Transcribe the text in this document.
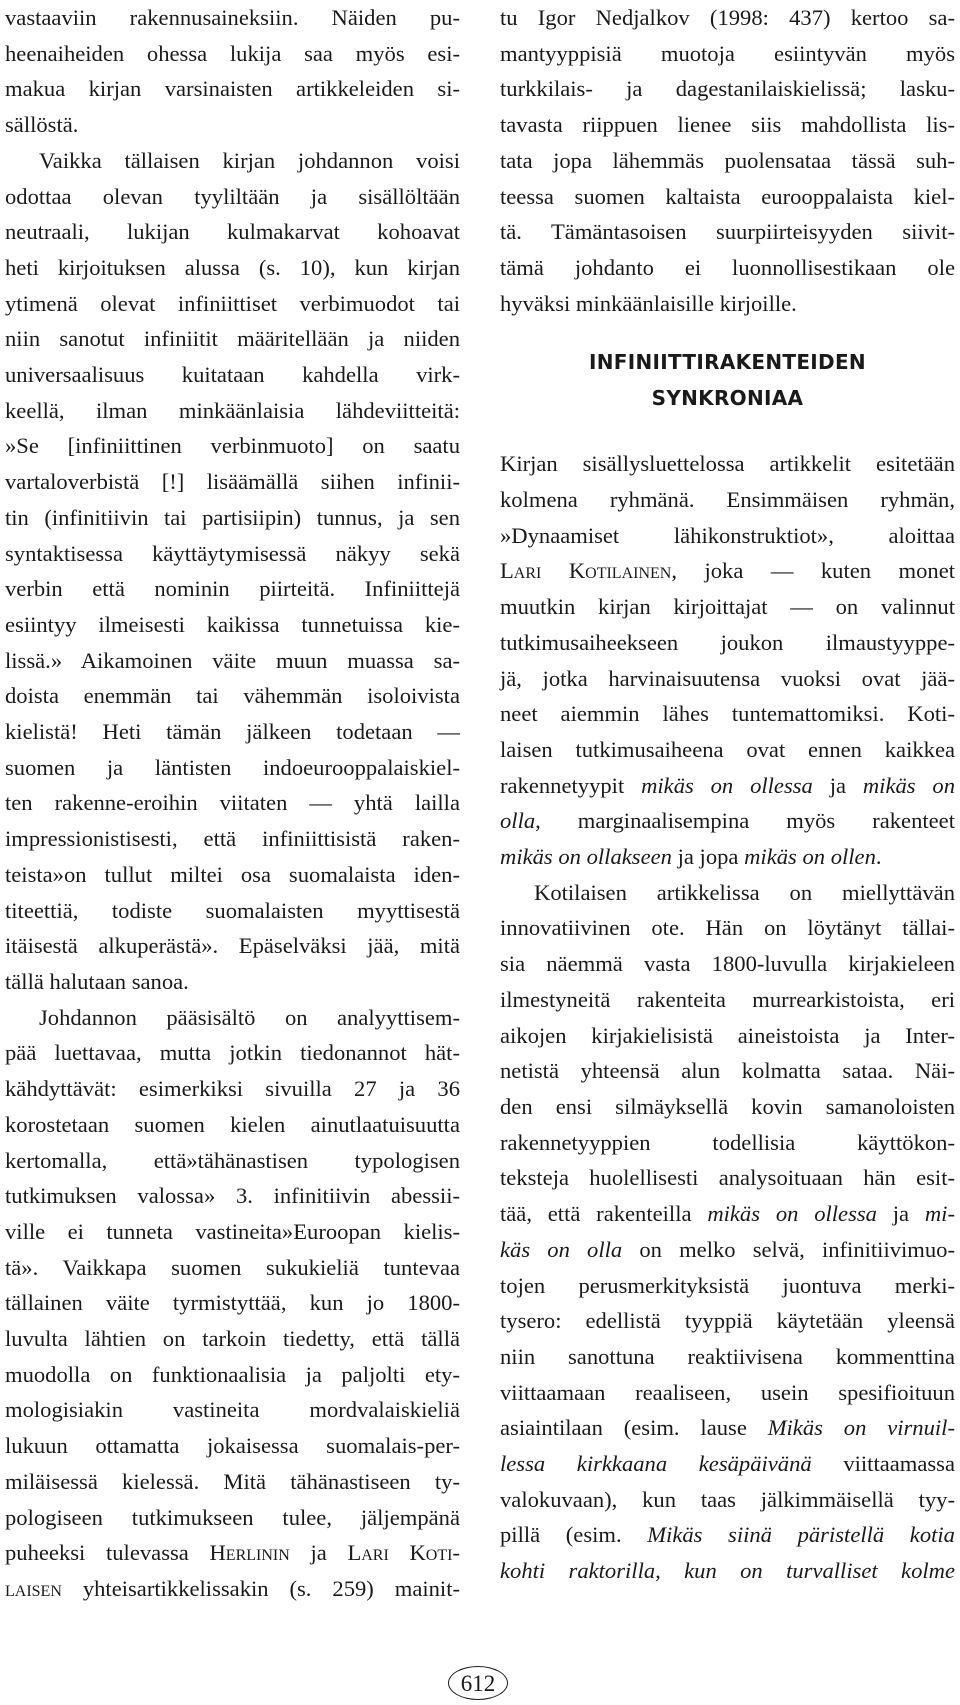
vastaaviin rakennusaineksiin. Näiden pu-
heenaiheiden ohessa lukija saa myös esi-
makua kirjan varsinaisten artikkeleiden si-
sällöstä.

Vaikka tällaisen kirjan johdannon voisi
odottaa olevan tyyliltään ja sisällöltään
neutraali, lukijan kulmakarvat kohoavat
heti kirjoituksen alussa (s. 10), kun kirjan
ytimenä olevat infiniittiset verbimuodot tai
niin sanotut infiniitit määritellään ja niiden
universaalisuus kuitataan kahdella virk-
keellä, ilman minkäänlaisia lähdeviitteitä:
»Se [infiniittinen verbinmuoto] on saatu
vartaloverbistä [!] lisäämällä siihen infinii-
tin (infinitiivin tai partisiipin) tunnus, ja sen
syntaktisessa käyttäytymisessä näkyy sekä
verbin että nominin piirteitä. Infiniittejä
esiintyy ilmeisesti kaikissa tunnetuissa kie-
lissä.» Aikamoinen väite muun muassa sa-
doista enemmän tai vähemmän isoloivista
kielistä! Heti tämän jälkeen todetaan —
suomen ja läntisten indoeurooppalaiskiel-
ten rakenne-eroihin viitaten — yhtä lailla
impressionistisesti, että infiniittisistä raken-
teista»on tullut miltei osa suomalaista iden-
titeettiä, todiste suomalaisten myyttisestä
itäisestä alkuperästä». Epäselväksi jää, mitä
tällä halutaan sanoa.

Johdannon pääsisältö on analyyttisem-
pää luettavaa, mutta jotkin tiedonannot hät-
kähdyttävät: esimerkiksi sivuilla 27 ja 36
korostetaan suomen kielen ainutlaatuisuutta
kertomalla, että»tähänastisen typologisen
tutkimuksen valossa» 3. infinitiivin abessii-
ville ei tunneta vastineita»Euroopan kielis-
tä». Vaikkapa suomen sukukieliä tuntevaa
tällainen väite tyrmistyttää, kun jo 1800-
luvulta lähtien on tarkoin tiedetty, että tällä
muodolla on funktionaalisia ja paljolti ety-
mologisiakin vastineita mordvalaiskieliä
lukuun ottamatta jokaisessa suomalais-per-
miläisessä kielessä. Mitä tähänastiseen ty-
pologiseen tutkimukseen tulee, jäljempänä
puheeksi tulevassa Herlinin ja Lari Koti-
laisen yhteisartikkelissakin (s. 259) mainit-

tu Igor Nedjalkov (1998: 437) kertoo sa-
mantyyppisiä muotoja esiintyvän myös
turkkilais- ja dagestanilaiskielissä; lasku-
tavasta riippuen lienee siis mahdollista lis-
tata jopa lähemmäs puolensataa tässä suh-
teessa suomen kaltaista eurooppalaista kiel-
tä. Tämäntasoisen suurpiirteisyyden siivit-
tämä johdanto ei luonnollisestikaan ole
hyväksi minkäänlaisille kirjoille.

INFINIITTIRAKENTEIDEN
SYNKRONIAA

Kirjan sisällysluettelossa artikkelit esitetään
kolmena ryhmänä. Ensimmäisen ryhmän,
»Dynaamiset lähikonstruktiot», aloittaa
Lari Kotilainen, joka — kuten monet
muutkin kirjan kirjoittajat — on valinnut
tutkimusaiheekseen joukon ilmaustyyppe-
jä, jotka harvinaisuutensa vuoksi ovat jää-
neet aiemmin lähes tuntemattomiksi. Koti-
laisen tutkimusaiheena ovat ennen kaikkea
rakennetyypit mikäs on ollessa ja mikäs on
olla, marginaalisempina myös rakenteet
mikäs on ollakseen ja jopa mikäs on ollen.

Kotilaisen artikkelissa on miellyttävän
innovatiivinen ote. Hän on löytänyt tällai-
sia näemmä vasta 1800-luvulla kirjakieleen
ilmestyneitä rakenteita murrearkistoista, eri
aikojen kirjakielisistä aineistoista ja Inter-
netistä yhteensä alun kolmatta sataa. Näi-
den ensi silmäyksellä kovin samanoloisten
rakennetyyppien todellisia käyttökon-
teksteja huolellisesti analysoituaan hän esit-
tää, että rakenteilla mikäs on ollessa ja mi-
käs on olla on melko selvä, infinitiivimuo-
tojen perusmerkityksistä juontuva merki-
tysero: edellistä tyyppiä käytetään yleensä
niin sanottuna reaktiivisena kommenttina
viittaamaan reaaliseen, usein spesifioituun
asiaintilaan (esim. lause Mikäs on virnuil-
lessa kirkkaana kesäpäivänä viittaamassa
valokuvaan), kun taas jälkimmäisellä tyy-
pillä (esim. Mikäs siinä päristellä kotia
kohti raktorilla, kun on turvalliset kolme

612
